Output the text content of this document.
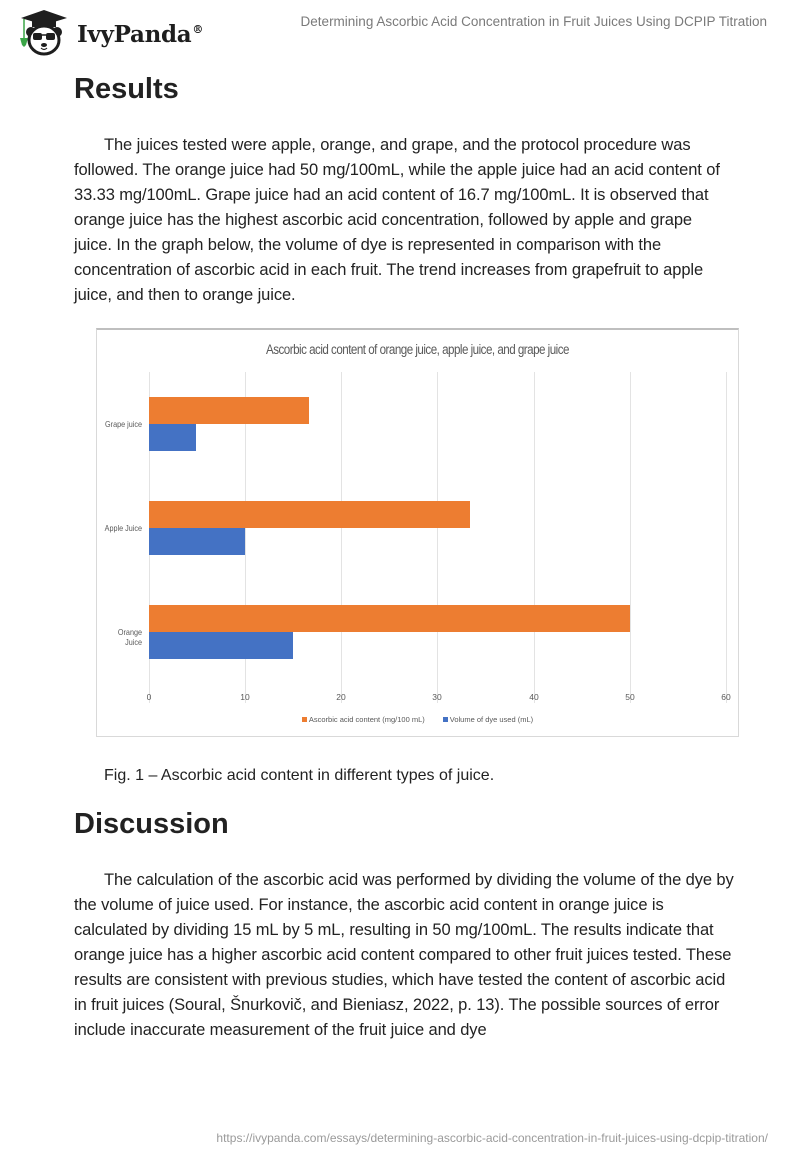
IvyPanda®
Determining Ascorbic Acid Concentration in Fruit Juices Using DCPIP Titration
Results

The juices tested were apple, orange, and grape, and the protocol procedure was followed. The orange juice had 50 mg/100mL, while the apple juice had an acid content of 33.33 mg/100mL. Grape juice had an acid content of 16.7 mg/100mL. It is observed that orange juice has the highest ascorbic acid concentration, followed by apple and grape juice. In the graph below, the volume of dye is represented in comparison with the concentration of ascorbic acid in each fruit. The trend increases from grapefruit to apple juice, and then to orange juice.

Ascorbic acid content of orange juice, apple juice, and grape juice
Grape juice
Apple Juice
Orange Juice
0	10	20	30	40	50	60
Ascorbic acid content (mg/100 mL)	Volume of dye used (mL)
Fig. 1 – Ascorbic acid content in different types of juice.
Discussion

The calculation of the ascorbic acid was performed by dividing the volume of the dye by the volume of juice used. For instance, the ascorbic acid content in orange juice is calculated by dividing 15 mL by 5 mL, resulting in 50 mg/100mL. The results indicate that orange juice has a higher ascorbic acid content compared to other fruit juices tested. These results are consistent with previous studies, which have tested the content of ascorbic acid in fruit juices (Soural, Šnurkovič, and Bieniasz, 2022, p. 13). The possible sources of error include inaccurate measurement of the fruit juice and dye

https://ivypanda.com/essays/determining-ascorbic-acid-concentration-in-fruit-juices-using-dcpip-titration/
